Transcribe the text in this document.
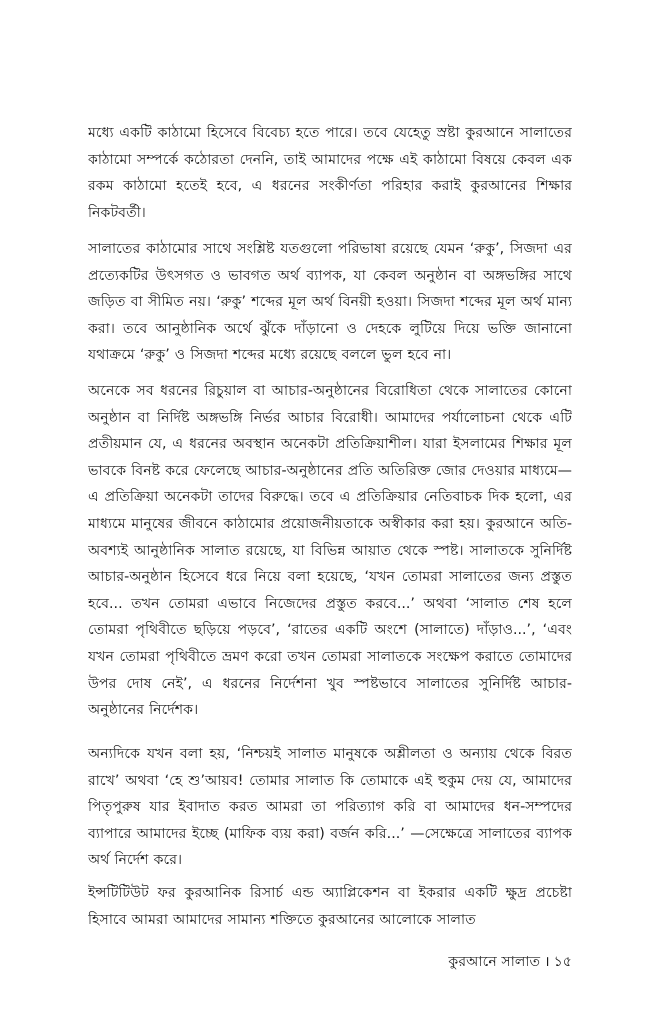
মধ্যে একটি কাঠামো হিসেবে বিবেচ্য হতে পারে। তবে যেহেতু স্রষ্টা কুরআনে সালাতের কাঠামো সম্পর্কে কঠোরতা দেননি, তাই আমাদের পক্ষে এই কাঠামো বিষয়ে কেবল এক রকম কাঠামো হতেই হবে, এ ধরনের সংকীর্ণতা পরিহার করাই কুরআনের শিক্ষার নিকটবর্তী।

সালাতের কাঠামোর সাথে সংশ্লিষ্ট যতগুলো পরিভাষা রয়েছে যেমন ‘রুকু’, সিজদা এর প্রত্যেকটির উৎসগত ও ভাবগত অর্থ ব্যাপক, যা কেবল অনুষ্ঠান বা অঙ্গভঙ্গির সাথে জড়িত বা সীমিত নয়। ‘রুকু’ শব্দের মূল অর্থ বিনয়ী হওয়া। সিজদা শব্দের মূল অর্থ মান্য করা। তবে আনুষ্ঠানিক অর্থে ঝুঁকে দাঁড়ানো ও দেহকে লুটিয়ে দিয়ে ভক্তি জানানো যথাক্রমে ‘রুকু’ ও সিজদা শব্দের মধ্যে রয়েছে বললে ভুল হবে না।

অনেকে সব ধরনের রিচুয়াল বা আচার-অনুষ্ঠানের বিরোধিতা থেকে সালাতের কোনো অনুষ্ঠান বা নির্দিষ্ট অঙ্গভঙ্গি নির্ভর আচার বিরোধী। আমাদের পর্যালোচনা থেকে এটি প্রতীয়মান যে, এ ধরনের অবস্থান অনেকটা প্রতিক্রিয়াশীল। যারা ইসলামের শিক্ষার মূল ভাবকে বিনষ্ট করে ফেলেছে আচার-অনুষ্ঠানের প্রতি অতিরিক্ত জোর দেওয়ার মাধ্যমে— এ প্রতিক্রিয়া অনেকটা তাদের বিরুদ্ধে। তবে এ প্রতিক্রিয়ার নেতিবাচক দিক হলো, এর মাধ্যমে মানুষের জীবনে কাঠামোর প্রয়োজনীয়তাকে অস্বীকার করা হয়। কুরআনে অতি-অবশ্যই আনুষ্ঠানিক সালাত রয়েছে, যা বিভিন্ন আয়াত থেকে স্পষ্ট। সালাতকে সুনির্দিষ্ট আচার-অনুষ্ঠান হিসেবে ধরে নিয়ে বলা হয়েছে, ‘যখন তোমরা সালাতের জন্য প্রস্তুত হবে... তখন তোমরা এভাবে নিজেদের প্রস্তুত করবে...’ অথবা ‘সালাত শেষ হলে তোমরা পৃথিবীতে ছড়িয়ে পড়বে’, ‘রাতের একটি অংশে (সালাতে) দাঁড়াও...’, ‘এবং যখন তোমরা পৃথিবীতে ভ্রমণ করো তখন তোমরা সালাতকে সংক্ষেপ করাতে তোমাদের উপর দোষ নেই’, এ ধরনের নির্দেশনা খুব স্পষ্টভাবে সালাতের সুনির্দিষ্ট আচার-অনুষ্ঠানের নির্দেশক।

অন্যদিকে যখন বলা হয়, ‘নিশ্চয়ই সালাত মানুষকে অশ্লীলতা ও অন্যায় থেকে বিরত রাখে’ অথবা ‘হে শু’আয়ব! তোমার সালাত কি তোমাকে এই হুকুম দেয় যে, আমাদের পিতৃপুরুষ যার ইবাদাত করত আমরা তা পরিত্যাগ করি বা আমাদের ধন-সম্পদের ব্যাপারে আমাদের ইচ্ছে (মাফিক ব্যয় করা) বর্জন করি...’ —সেক্ষেত্রে সালাতের ব্যাপক অর্থ নির্দেশ করে।

ইন্সটিটিউট ফর কুরআনিক রিসার্চ এন্ড অ্যাপ্লিকেশন বা ইকরার একটি ক্ষুদ্র প্রচেষ্টা হিসাবে আমরা আমাদের সামান্য শক্তিতে কুরআনের আলোকে সালাত

কুরআনে সালাত । ১৫
